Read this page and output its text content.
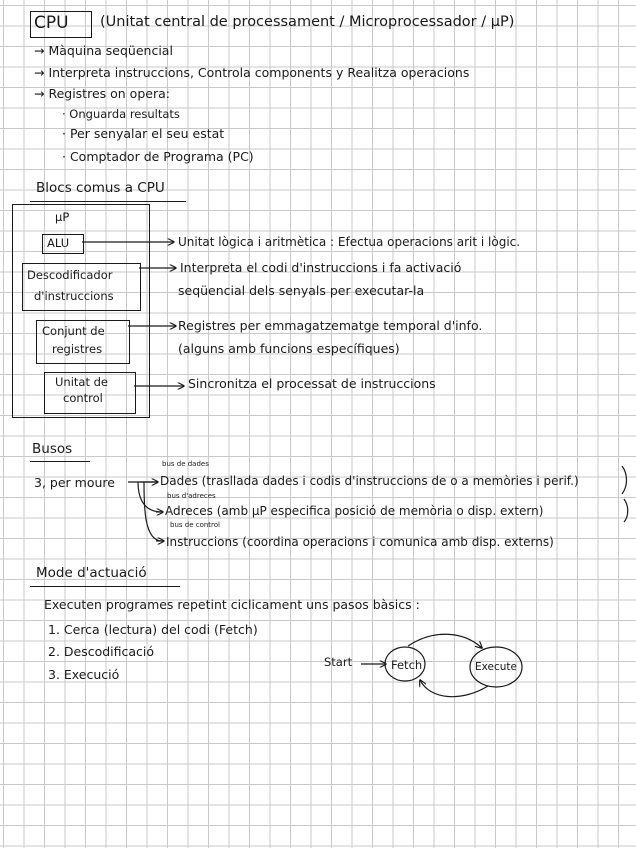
CPU (Unitat central de processament / Microprocessador / μP)
→ Màquina seqüencial
→ Interpreta instruccions, Controla components y Realitza operacions
→ Registres on opera:
· Onguarda resultats
· Per senyalar el seu estat
· Comptador de Programa (PC)
Blocs comus a CPU
μP
ALU	Unitat lògica i aritmètica : Efectua operacions arit i lògic.
Descodificador
d'instruccions
Interpreta el codi d'instruccions i fa activació
seqüencial dels senyals per executar-la
Conjunt de
registres
Registres per emmagatzematge temporal d'info.
(alguns amb funcions específiques)
Unitat de
control
Sincronitza el processat de instruccions
Busos
3, per moure
bus de dades
Dades (trasllada dades i codis d'instruccions de o a memòries i perif.)
bus d'adreces
Adreces (amb μP especifica posició de memòria o disp. extern)
bus de control
Instruccions (coordina operacions i comunica amb disp. externs)
Mode d'actuació
Executen programes repetint ciclicament uns pasos bàsics :
1. Cerca (lectura) del codi (Fetch)
2. Descodificació
3. Execució
Start	Fetch	Execute
